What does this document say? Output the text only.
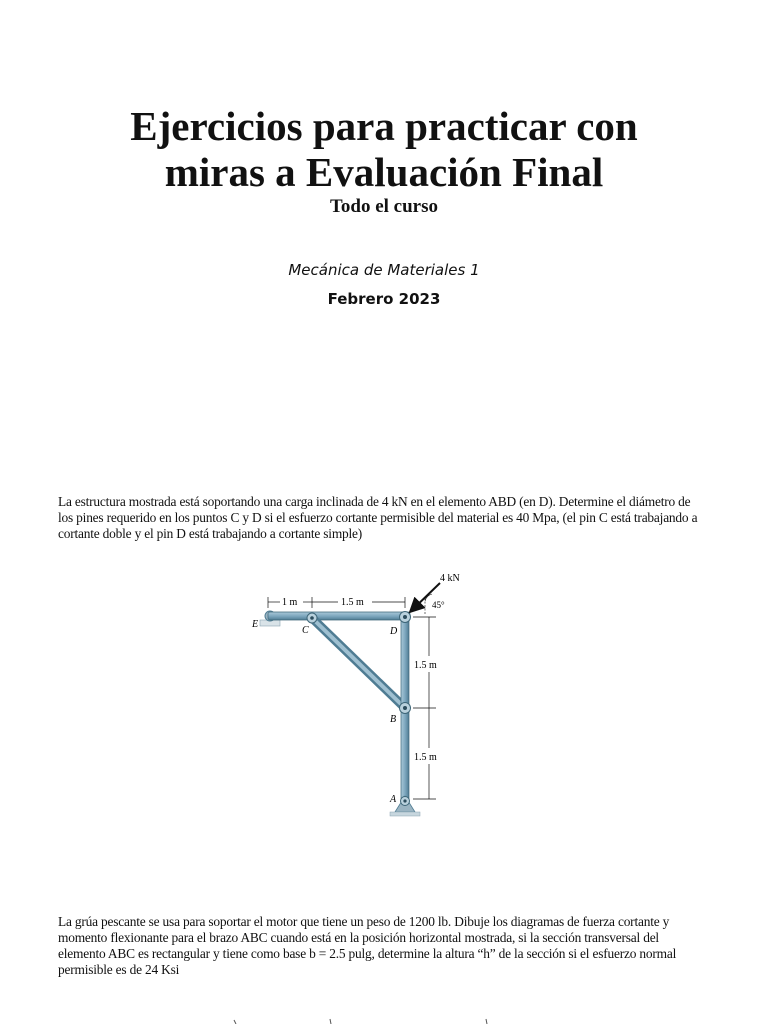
Ejercicios para practicar con
miras a Evaluación Final
Todo el curso
Mecánica de Materiales 1
Febrero 2023

La estructura mostrada está soportando una carga inclinada de 4 kN en el elemento ABD (en D). Determine el diámetro de los pines requerido en los puntos C y D si el esfuerzo cortante permisible del material es 40 Mpa, (el pin C está trabajando a cortante doble y el pin D está trabajando a cortante simple)

4 kN
45°
1 m	1.5 m
1.5 m
1.5 m
E
C	D
B
A

La grúa pescante se usa para soportar el motor que tiene un peso de 1200 lb. Dibuje los diagramas de fuerza cortante y momento flexionante para el brazo ABC cuando está en la posición horizontal mostrada, si la sección transversal del elemento ABC es rectangular y tiene como base b = 2.5 pulg, determine la altura “h” de la sección si el esfuerzo normal permisible es de 24 Ksi
